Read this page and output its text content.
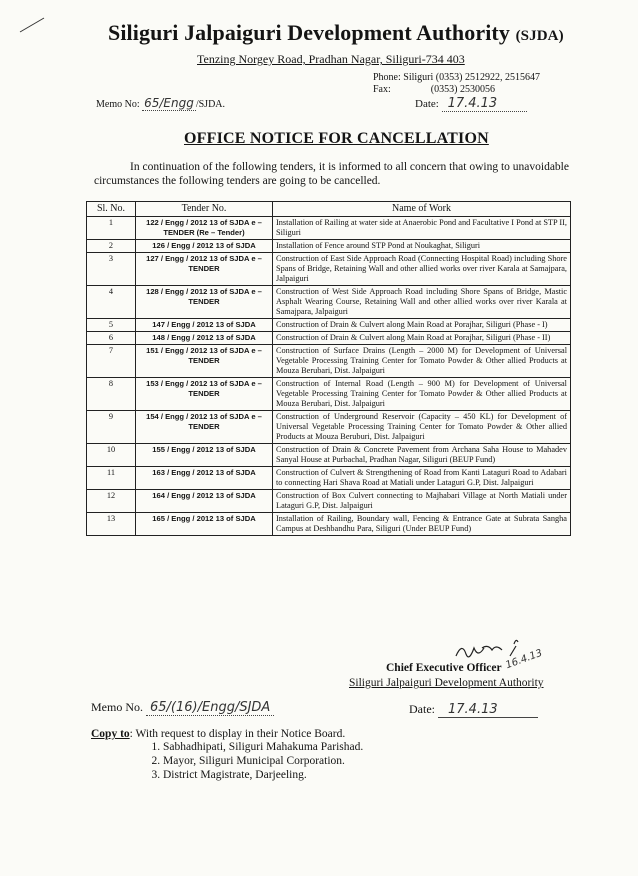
Siliguri Jalpaiguri Development Authority (SJDA)
Tenzing Norgey Road, Pradhan Nagar, Siliguri-734 403
Phone: Siliguri (0353) 2512922, 2515647
Fax:                (0353) 2530056
Memo No: 65/Engg /SJDA.	Date: 17.4.13
OFFICE NOTICE FOR CANCELLATION
In continuation of the following tenders, it is informed to all concern that owing to unavoidable circumstances the following tenders are going to be cancelled.
Sl. No.	Tender No.	Name of Work
1	122 / Engg / 2012 13 of SJDA e – TENDER (Re – Tender)	Installation of Railing at water side at Anaerobic Pond and Facultative I Pond at STP II, Siliguri
2	126 / Engg / 2012 13 of SJDA	Installation of Fence around STP Pond at Noukaghat, Siliguri
3	127 / Engg / 2012 13 of SJDA e – TENDER	Construction of East Side Approach Road (Connecting Hospital Road) including Shore Spans of Bridge, Retaining Wall and other allied works over river Karala at Samajpara, Jalpaiguri
4	128 / Engg / 2012 13 of SJDA e – TENDER	Construction of West Side Approach Road including Shore Spans of Bridge, Mastic Asphalt Wearing Course, Retaining Wall and other allied works over river Karala at Samajpara, Jalpaiguri
5	147 / Engg / 2012 13 of SJDA	Construction of Drain & Culvert along Main Road at Porajhar, Siliguri (Phase - I)
6	148 / Engg / 2012 13 of SJDA	Construction of Drain & Culvert along Main Road at Porajhar, Siliguri (Phase - II)
7	151 / Engg / 2012 13 of SJDA e – TENDER	Construction of Surface Drains (Length – 2000 M) for Development of Universal Vegetable Processing Training Center for Tomato Powder & Other allied Products at Mouza Berubari, Dist. Jalpaiguri
8	153 / Engg / 2012 13 of SJDA e – TENDER	Construction of Internal Road (Length – 900 M) for Development of Universal Vegetable Processing Training Center for Tomato Powder & Other allied Products at Mouza Berubari, Dist. Jalpaiguri
9	154 / Engg / 2012 13 of SJDA e – TENDER	Construction of Underground Reservoir (Capacity – 450 KL) for Development of Universal Vegetable Processing Training Center for Tomato Powder & Other allied Products at Mouza Beruburi, Dist. Jalpaiguri
10	155 / Engg / 2012 13 of SJDA	Construction of Drain & Concrete Pavement from Archana Saha House to Mahadev Sanyal House at Purbachal, Pradhan Nagar, Siliguri (BEUP Fund)
11	163 / Engg / 2012 13 of SJDA	Construction of Culvert & Strengthening of Road from Kanti Lataguri Road to Adabari to connecting Hari Shava Road at Matiali under Lataguri G.P, Dist. Jalpaiguri
12	164 / Engg / 2012 13 of SJDA	Construction of Box Culvert connecting to Majhabari Village at North Matiali under Lataguri G.P, Dist. Jalpaiguri
13	165 / Engg / 2012 13 of SJDA	Installation of Railing, Boundary wall, Fencing & Entrance Gate at Subrata Sangha Campus at Deshbandhu Para, Siliguri (Under BEUP Fund)
16.4.13
Chief Executive Officer
Siliguri Jalpaiguri Development Authority
Memo No. 65/(16)/Engg/SJDA	Date: 17.4.13
Copy to: With request to display in their Notice Board.
1. Sabhadhipati, Siliguri Mahakuma Parishad.
2. Mayor, Siliguri Municipal Corporation.
3. District Magistrate, Darjeeling.
